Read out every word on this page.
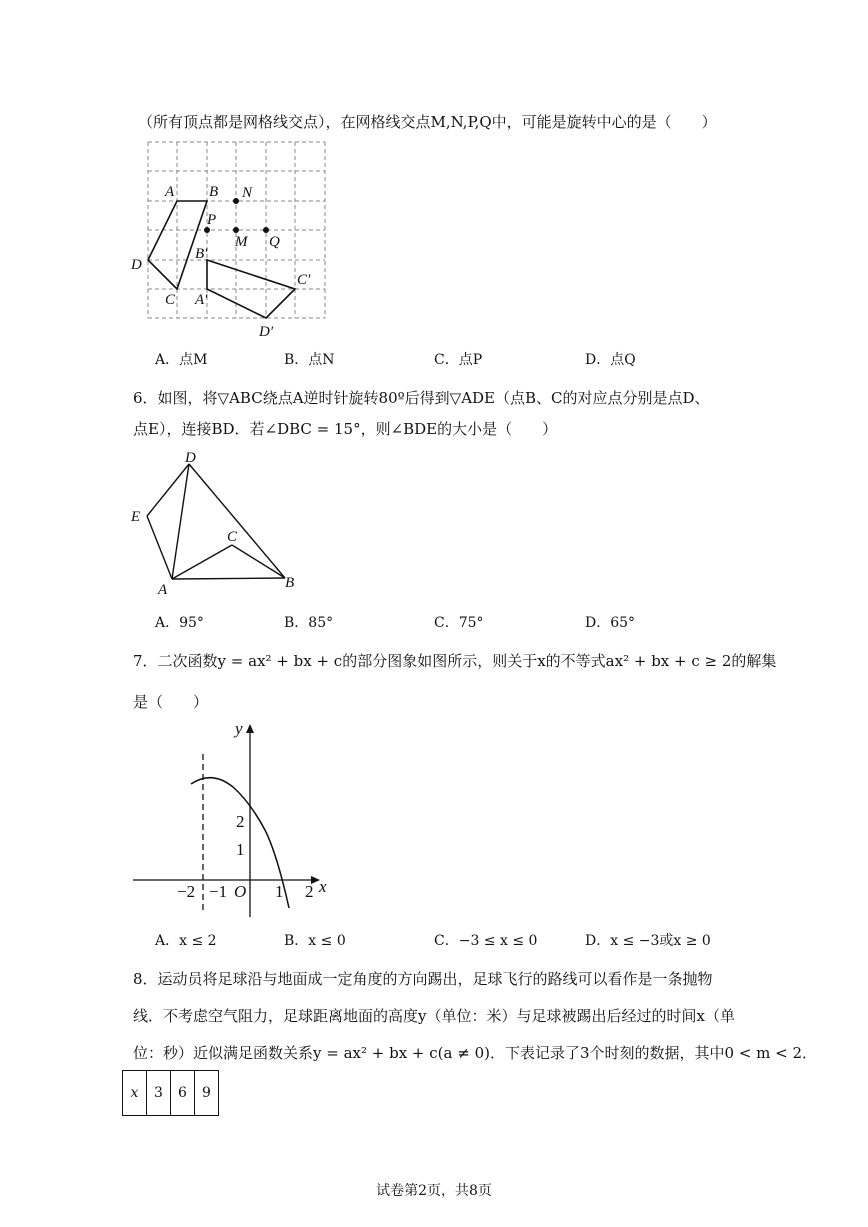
（所有顶点都是网格线交点），在网格线交点M,N,P,Q中，可能是旋转中心的是（　　）
A B N
P
M Q
B′
D
C A′
C′
D′
A．点M	B．点N	C．点P	D．点Q
6．如图，将▽ABC绕点A逆时针旋转80º后得到▽ADE（点B、C的对应点分别是点D、
点E），连接BD．若∠DBC = 15°，则∠BDE的大小是（　　）
D
E
C
A	B
A．95°	B．85°	C．75°	D．65°
7．二次函数y = ax² + bx + c的部分图象如图所示，则关于x的不等式ax² + bx + c ≥ 2的解集
是（　　）
y
x
O
2
1
−2 −1	1 2
A．x ≤ 2	B．x ≤ 0	C．−3 ≤ x ≤ 0	D．x ≤ −3或x ≥ 0
8．运动员将足球沿与地面成一定角度的方向踢出，足球飞行的路线可以看作是一条抛物
线．不考虑空气阻力，足球距离地面的高度y（单位：米）与足球被踢出后经过的时间x（单
位：秒）近似满足函数关系y = ax² + bx + c(a ≠ 0)．下表记录了3个时刻的数据，其中0 < m < 2．
x	3	6	9
试卷第2页，共8页
